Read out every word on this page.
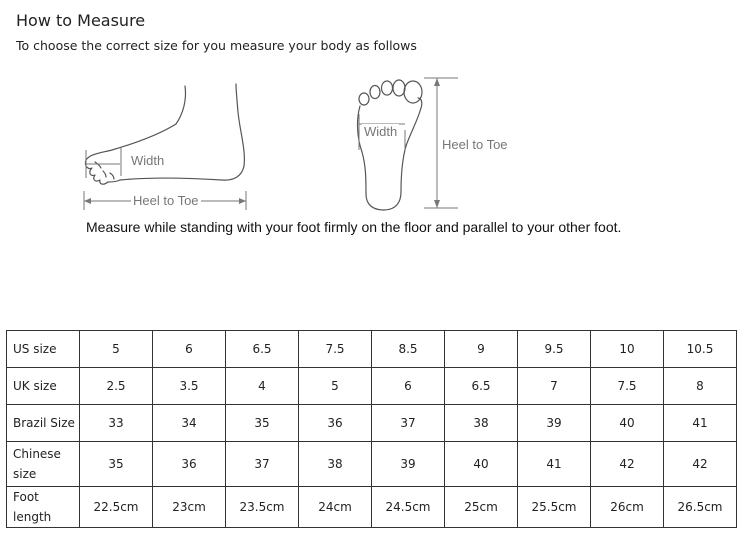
How to Measure
To choose the correct size for you measure your body as follows
Width
Heel to Toe
Width
Heel to Toe
Measure while standing with your foot firmly on the floor and parallel to your other foot.
US size	5	6	6.5	7.5	8.5	9	9.5	10	10.5
UK size	2.5	3.5	4	5	6	6.5	7	7.5	8
Brazil Size	33	34	35	36	37	38	39	40	41
Chinese size	35	36	37	38	39	40	41	42	42
Foot length	22.5cm	23cm	23.5cm	24cm	24.5cm	25cm	25.5cm	26cm	26.5cm
